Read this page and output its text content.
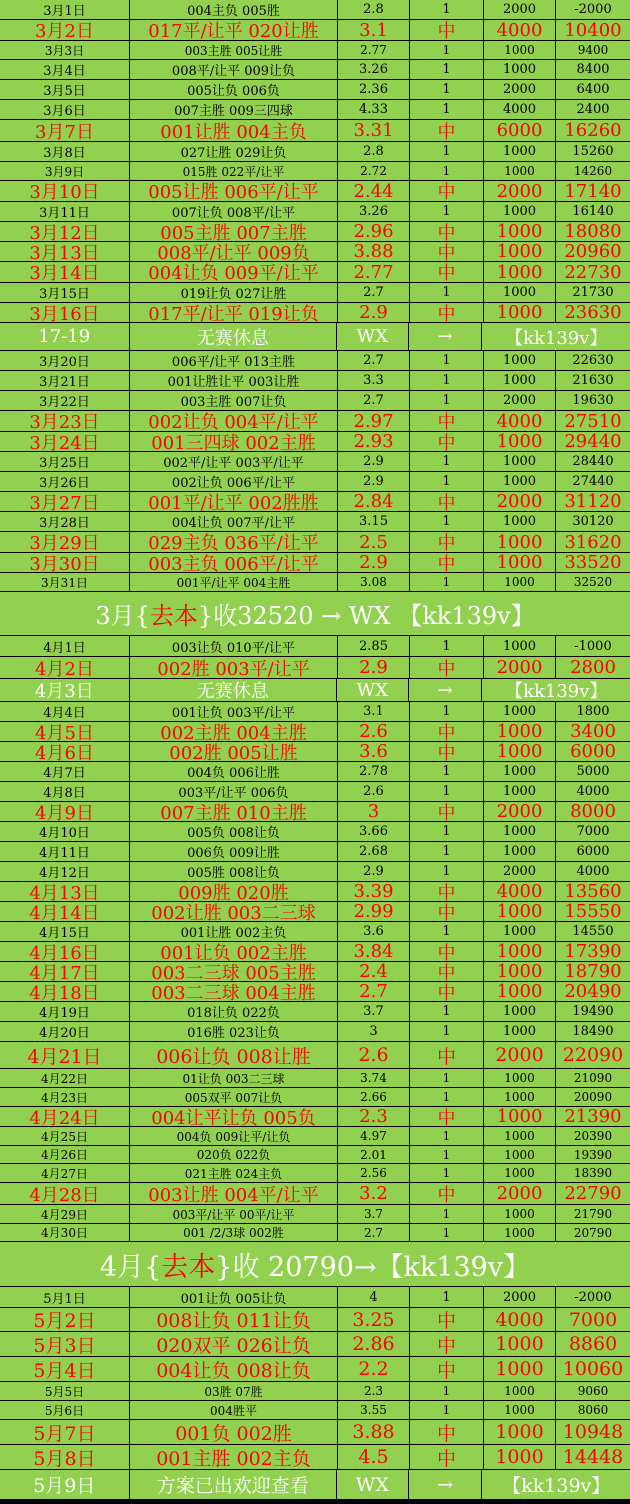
3月1日	004主负 005胜	2.8	1	2000	-2000
3月2日	017平/让平 020让胜	3.1	中	4000	10400
3月3日	003主胜 005让胜	2.77	1	1000	9400
3月4日	008平/让平 009让负	3.26	1	1000	8400
3月5日	005让负 006负	2.36	1	2000	6400
3月6日	007主胜 009三四球	4.33	1	4000	2400
3月7日	001让胜 004主负	3.31	中	6000	16260
3月8日	027让胜 029让负	2.8	1	1000	15260
3月9日	015胜 022平/让平	2.72	1	1000	14260
3月10日	005让胜 006平/让平	2.44	中	2000	17140
3月11日	007让负 008平/让平	3.26	1	1000	16140
3月12日	005主胜 007主胜	2.96	中	1000	18080
3月13日	008平/让平 009负	3.88	中	1000	20960
3月14日	004让负 009平/让平	2.77	中	1000	22730
3月15日	019让负 027让胜	2.7	1	1000	21730
3月16日	017平/让平 019让负	2.9	中	1000	23630
17-19	无赛休息	WX	→	【kk139v】
3月20日	006平/让平 013主胜	2.7	1	1000	22630
3月21日	001让胜让平 003让胜	3.3	1	1000	21630
3月22日	003主胜 007让负	2.7	1	2000	19630
3月23日	002让负 004平/让平	2.97	中	4000	27510
3月24日	001三四球 002主胜	2.93	中	1000	29440
3月25日	002平/让平 003平/让平	2.9	1	1000	28440
3月26日	002让负 006平/让平	2.9	1	1000	27440
3月27日	001平/让平 002胜胜	2.84	中	2000	31120
3月28日	004让负 007平/让平	3.15	1	1000	30120
3月29日	029主负 036平/让平	2.5	中	1000	31620
3月30日	003主负 006平/让平	2.9	中	1000	33520
3月31日	001平/让平 004主胜	3.08	1	1000	32520
3月{ 去本 }收32520 → WX 【kk139v】
4月1日	003让负 010平/让平	2.85	1	1000	-1000
4月2日	002胜 003平/让平	2.9	中	2000	2800
4月3日	无赛休息	WX	→	【kk139v】
4月4日	001让负 003平/让平	3.1	1	1000	1800
4月5日	002主胜 004主胜	2.6	中	1000	3400
4月6日	002胜 005让胜	3.6	中	1000	6000
4月7日	004负 006让胜	2.78	1	1000	5000
4月8日	003平/让平 006负	2.6	1	1000	4000
4月9日	007主胜 010主胜	3	中	2000	8000
4月10日	005负 008让负	3.66	1	1000	7000
4月11日	006负 009让胜	2.68	1	1000	6000
4月12日	005胜 008让负	2.9	1	2000	4000
4月13日	009胜 020胜	3.39	中	4000	13560
4月14日	002让胜 003二三球	2.99	中	1000	15550
4月15日	001让胜 002主负	3.6	1	1000	14550
4月16日	001让负 002主胜	3.84	中	1000	17390
4月17日	003二三球 005主胜	2.4	中	1000	18790
4月18日	003二三球 004主胜	2.7	中	1000	20490
4月19日	018让负 022负	3.7	1	1000	19490
4月20日	016胜 023让负	3	1	1000	18490
4月21日	006让负 008让胜	2.6	中	2000	22090
4月22日	01让负 003二三球	3.74	1	1000	21090
4月23日	005双平 007让负	2.66	1	1000	20090
4月24日	004让平让负 005负	2.3	中	1000	21390
4月25日	004负 009让平/让负	4.97	1	1000	20390
4月26日	020负 022负	2.01	1	1000	19390
4月27日	021主胜 024主负	2.56	1	1000	18390
4月28日	003让胜 004平/让平	3.2	中	2000	22790
4月29日	003平/让平 00平/让平	3.7	1	1000	21790
4月30日	001 /2/3球 002胜	2.7	1	1000	20790
4月{ 去本 }收 20790→【kk139v】
5月1日	001让负 005让负	4	1	2000	-2000
5月2日	008让负 011让负	3.25	中	4000	7000
5月3日	020双平 026让负	2.86	中	1000	8860
5月4日	004让负 008让负	2.2	中	1000	10060
5月5日	03胜 07胜	2.3	1	1000	9060
5月6日	004胜平	3.55	1	1000	8060
5月7日	001负 002胜	3.88	中	1000	10948
5月8日	001主胜 002主负	4.5	中	1000	14448
5月9日	方案已出欢迎查看	WX	→	【kk139v】
